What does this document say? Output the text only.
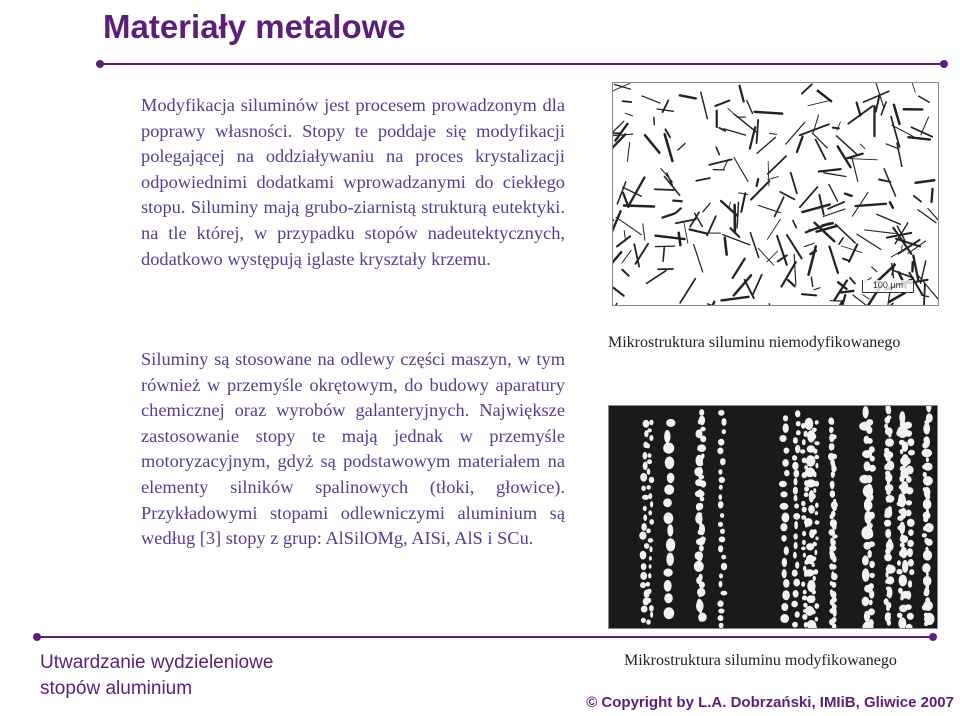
Materiały metalowe
Modyfikacja siluminów jest procesem prowadzonym dla poprawy własności. Stopy te poddaje się modyfikacji polegającej na oddziaływaniu na proces krystalizacji odpowiednimi dodatkami wprowadzanymi do ciekłego stopu. Siluminy mają grubo-ziarnistą strukturą eutektyki. na tle której, w przypadku stopów nadeutektycznych, dodatkowo występują iglaste kryształy krzemu.
Siluminy są stosowane na odlewy części maszyn, w tym również w przemyśle okrętowym, do budowy aparatury chemicznej oraz wyrobów galanteryjnych. Największe zastosowanie stopy te mają jednak w przemyśle motoryzacyjnym, gdyż są podstawowym materiałem na elementy silników spalinowych (tłoki, głowice). Przykładowymi stopami odlewniczymi aluminium są według [3] stopy z grup: AlSilOMg, AISi, AlS i SCu.
100 µm
Mikrostruktura siluminu niemodyfikowanego
Utwardzanie wydzieleniowe
stopów aluminium
Mikrostruktura siluminu modyfikowanego
© Copyright by L.A. Dobrzański, IMIiB, Gliwice 2007
